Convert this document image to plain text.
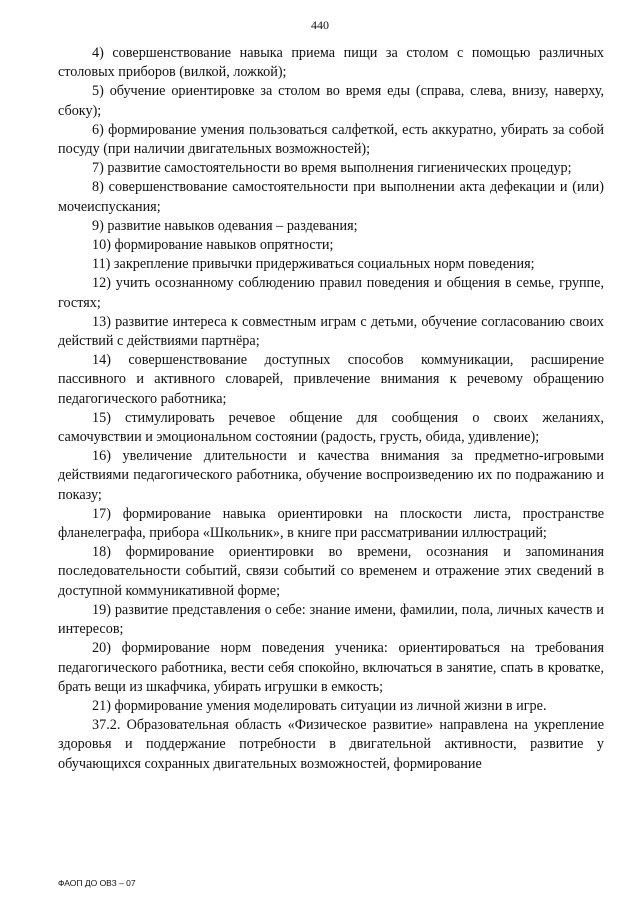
440

4) совершенствование навыка приема пищи за столом с помощью различных столовых приборов (вилкой, ложкой);

5) обучение ориентировке за столом во время еды (справа, слева, внизу, наверху, сбоку);

6) формирование умения пользоваться салфеткой, есть аккуратно, убирать за собой посуду (при наличии двигательных возможностей);

7) развитие самостоятельности во время выполнения гигиенических процедур;

8) совершенствование самостоятельности при выполнении акта дефекации и (или) мочеиспускания;

9) развитие навыков одевания – раздевания;

10) формирование навыков опрятности;

11) закрепление привычки придерживаться социальных норм поведения;

12) учить осознанному соблюдению правил поведения и общения в семье, группе, гостях;

13) развитие интереса к совместным играм с детьми, обучение согласованию своих действий с действиями партнёра;

14) совершенствование доступных способов коммуникации, расширение пассивного и активного словарей, привлечение внимания к речевому обращению педагогического работника;

15) стимулировать речевое общение для сообщения о своих желаниях, самочувствии и эмоциональном состоянии (радость, грусть, обида, удивление);

16) увеличение длительности и качества внимания за предметно-игровыми действиями педагогического работника, обучение воспроизведению их по подражанию и показу;

17) формирование навыка ориентировки на плоскости листа, пространстве фланелеграфа, прибора «Школьник», в книге при рассматривании иллюстраций;

18) формирование ориентировки во времени, осознания и запоминания последовательности событий, связи событий со временем и отражение этих сведений в доступной коммуникативной форме;

19) развитие представления о себе: знание имени, фамилии, пола, личных качеств и интересов;

20) формирование норм поведения ученика: ориентироваться на требования педагогического работника, вести себя спокойно, включаться в занятие, спать в кроватке, брать вещи из шкафчика, убирать игрушки в емкость;

21) формирование умения моделировать ситуации из личной жизни в игре.

37.2. Образовательная область «Физическое развитие» направлена на укрепление здоровья и поддержание потребности в двигательной активности, развитие у обучающихся сохранных двигательных возможностей, формирование

ФАОП ДО ОВЗ – 07
